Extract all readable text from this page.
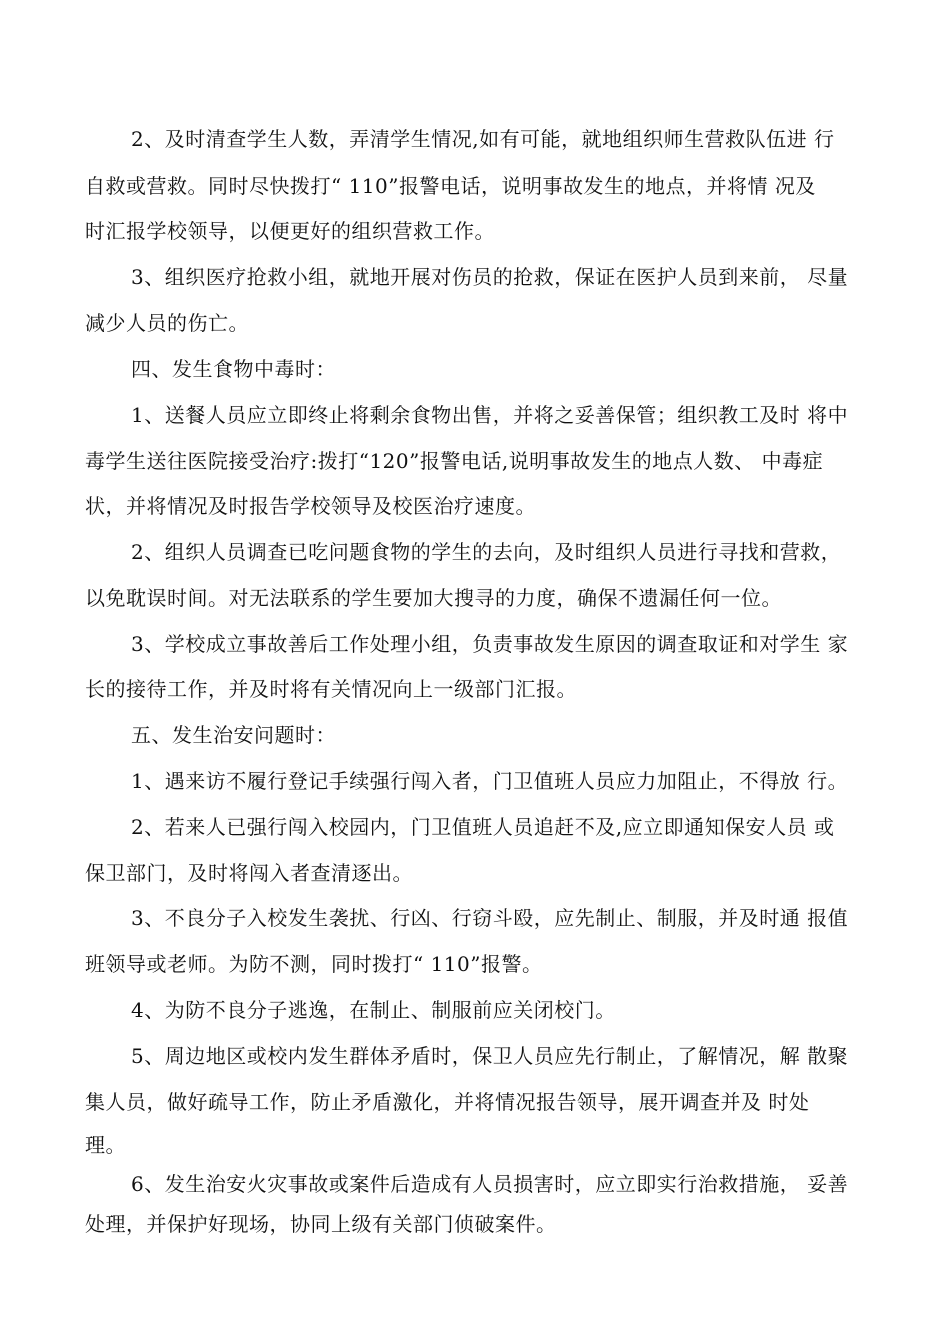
2、及时清查学生人数，弄清学生情况,如有可能，就地组织师生营救队伍进 行
自救或营救。同时尽快拨打“ 110”报警电话，说明事故发生的地点，并将情 况及
时汇报学校领导，以便更好的组织营救工作。
3、组织医疗抢救小组，就地开展对伤员的抢救，保证在医护人员到来前， 尽量
减少人员的伤亡。
四、发生食物中毒时：
1、送餐人员应立即终止将剩余食物出售，并将之妥善保管；组织教工及时 将中
毒学生送往医院接受治疗:拨打“120”报警电话,说明事故发生的地点人数、 中毒症
状，并将情况及时报告学校领导及校医治疗速度。
2、组织人员调查已吃问题食物的学生的去向，及时组织人员进行寻找和营救，
以免耽误时间。对无法联系的学生要加大搜寻的力度，确保不遗漏任何一位。
3、学校成立事故善后工作处理小组，负责事故发生原因的调查取证和对学生 家
长的接待工作，并及时将有关情况向上一级部门汇报。
五、发生治安问题时：
1、遇来访不履行登记手续强行闯入者，门卫值班人员应力加阻止，不得放 行。
2、若来人已强行闯入校园内，门卫值班人员追赶不及,应立即通知保安人员 或
保卫部门，及时将闯入者查清逐出。
3、不良分子入校发生袭扰、行凶、行窃斗殴，应先制止、制服，并及时通 报值
班领导或老师。为防不测，同时拨打“ 110”报警。
4、为防不良分子逃逸，在制止、制服前应关闭校门。
5、周边地区或校内发生群体矛盾时，保卫人员应先行制止，了解情况，解 散聚
集人员，做好疏导工作，防止矛盾激化，并将情况报告领导，展开调查并及 时处
理。
6、发生治安火灾事故或案件后造成有人员损害时，应立即实行治救措施， 妥善
处理，并保护好现场，协同上级有关部门侦破案件。
